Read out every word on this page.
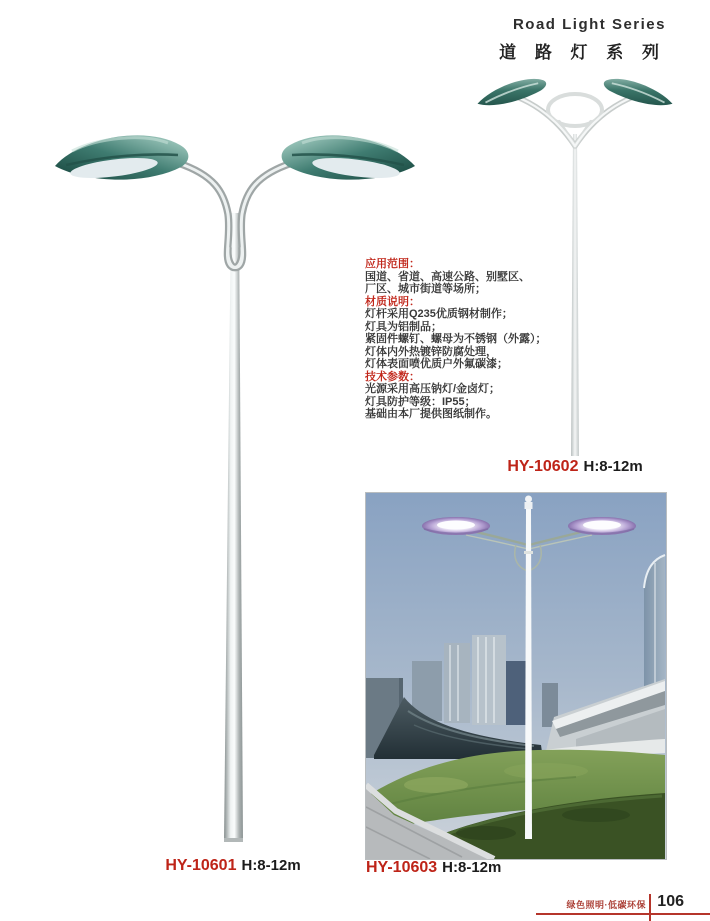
Road Light Series
道 路 灯 系 列
应用范围：
国道、省道、高速公路、别墅区、
厂区、城市街道等场所；
材质说明：
灯杆采用Q235优质钢材制作；
灯具为铝制品；
紧固件螺钉、螺母为不锈钢（外露）；
灯体内外热镀锌防腐处理，
灯体表面喷优质户外氟碳漆；
技术参数：
光源采用高压钠灯/金卤灯；
灯具防护等级：IP55；
基础由本厂提供图纸制作。
HY-10601 H:8-12m
HY-10602 H:8-12m
HY-10603 H:8-12m
绿色照明·低碳环保 106
